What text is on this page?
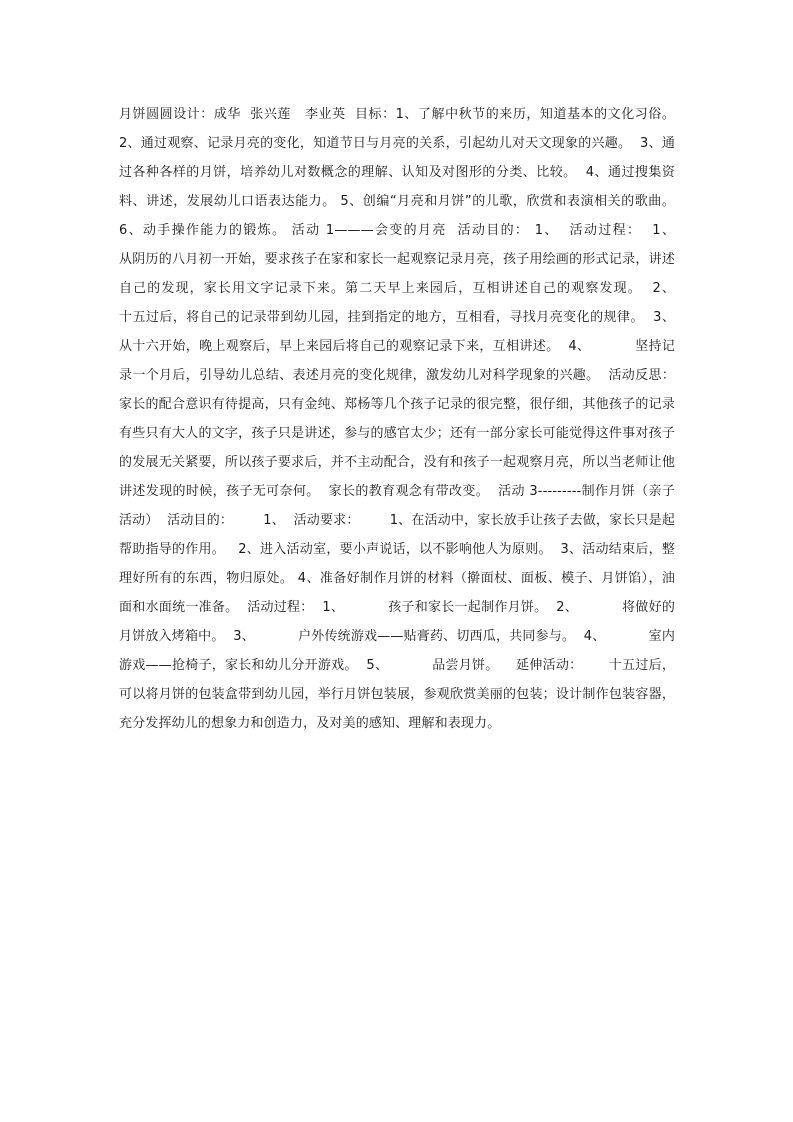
月饼圆圆设计：成华  张兴莲   李业英  目标：1、了解中秋节的来历，知道基本的文化习俗。  2、通过观察、记录月亮的变化，知道节日与月亮的关系，引起幼儿对天文现象的兴趣。  3、通过各种各样的月饼，培养幼儿对数概念的理解、认知及对图形的分类、比较。  4、通过搜集资料、讲述，发展幼儿口语表达能力。 5、创编“月亮和月饼”的儿歌，欣赏和表演相关的歌曲。        6、动手操作能力的锻炼。 活动 1———会变的月亮  活动目的： 1、  活动过程：  1、         从阴历的八月初一开始，要求孩子在家和家长一起观察记录月亮，孩子用绘画的形式记录，讲述自己的发现，家长用文字记录下来。第二天早上来园后，互相讲述自己的观察发现。  2、          十五过后，将自己的记录带到幼儿园，挂到指定的地方，互相看，寻找月亮变化的规律。  3、          从十六开始，晚上观察后，早上来园后将自己的观察记录下来，互相讲述。  4、          坚持记录一个月后，引导幼儿总结、表述月亮的变化规律，激发幼儿对科学现象的兴趣。  活动反思： 家长的配合意识有待提高，只有金纯、郑杨等几个孩子记录的很完整，很仔细，其他孩子的记录有些只有大人的文字，孩子只是讲述，参与的感官太少；还有一部分家长可能觉得这件事对孩子的发展无关紧要，所以孩子要求后，并不主动配合，没有和孩子一起观察月亮，所以当老师让他讲述发现的时候，孩子无可奈何。  家长的教育观念有带改变。  活动 3---------制作月饼（亲子活动）  活动目的：       1、  活动要求：       1、在活动中，家长放手让孩子去做，家长只是起帮助指导的作用。   2、进入活动室，要小声说话，以不影响他人为原则。  3、活动结束后，整理好所有的东西，物归原处。 4、准备好制作月饼的材料（擀面杖、面板、模子、月饼馅），油面和水面统一准备。  活动过程：  1、          孩子和家长一起制作月饼。  2、          将做好的月饼放入烤箱中。  3、          户外传统游戏——贴膏药、切西瓜，共同参与。  4、          室内游戏——抢椅子，家长和幼儿分开游戏。  5、          品尝月饼。    延伸活动：      十五过后，可以将月饼的包装盒带到幼儿园，举行月饼包装展，参观欣赏美丽的包装；设计制作包装容器，充分发挥幼儿的想象力和创造力，及对美的感知、理解和表现力。
